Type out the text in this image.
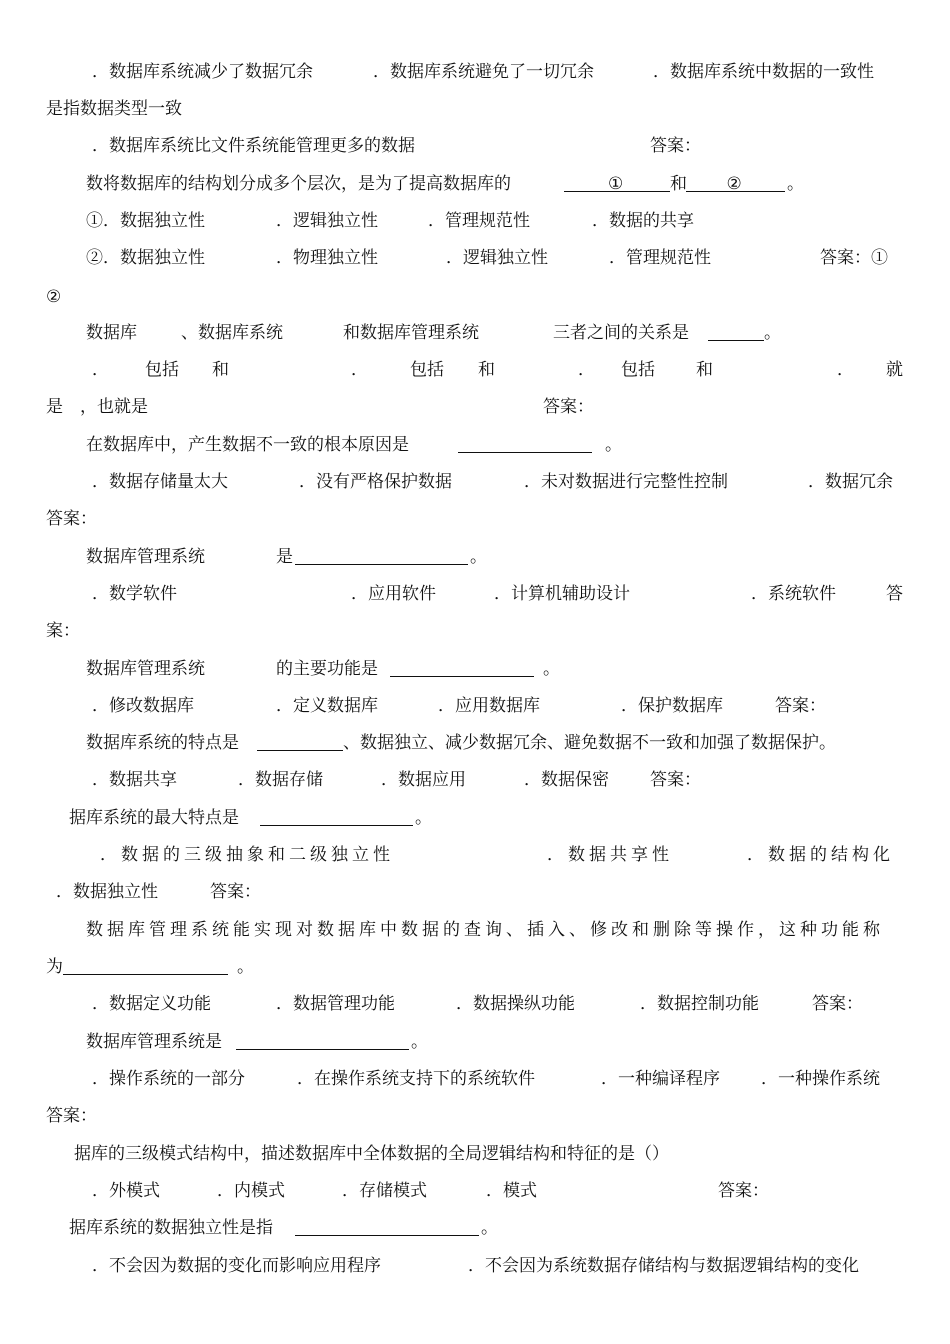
．数据库系统减少了数据冗余	．数据库系统避免了一切冗余	．数据库系统中数据的一致性
是指数据类型一致
．数据库系统比文件系统能管理更多的数据	答案：
数将数据库的结构划分成多个层次，是为了提高数据库的	和	。
①	②
①．数据独立性	．逻辑独立性	．管理规范性	．数据的共享
②．数据独立性	．物理独立性	．逻辑独立性	．管理规范性	答案：①
②
数据库	、数据库系统	和数据库管理系统	三者之间的关系是	。
． 包括 和	． 包括 和	． 包括 和	． 就
是 ，也就是	答案：
在数据库中，产生数据不一致的根本原因是	。
．数据存储量太大	．没有严格保护数据	．未对数据进行完整性控制	．数据冗余
答案：
数据库管理系统	是	。
．数学软件	．应用软件	．计算机辅助设计	．系统软件	答
案：
数据库管理系统	的主要功能是	。
．修改数据库	．定义数据库	．应用数据库	．保护数据库	答案：
数据库系统的特点是	、数据独立、减少数据冗余、避免数据不一致和加强了数据保护。
．数据共享	．数据存储	．数据应用	．数据保密 答案：
据库系统的最大特点是	。
．数据的三级抽象和二级独立性	．数据共享性	．数据的结构化
．数据独立性	答案：
数据库管理系统能实现对数据库中数据的查询、插入、修改和删除等操作，这种功能称
为	。
．数据定义功能	．数据管理功能	．数据操纵功能	．数据控制功能	答案：
数据库管理系统是	。
．操作系统的一部分	．在操作系统支持下的系统软件	．一种编译程序 ．一种操作系统
答案：
据库的三级模式结构中，描述数据库中全体数据的全局逻辑结构和特征的是（）
．外模式	．内模式	．存储模式	．模式	答案：
据库系统的数据独立性是指	。
．不会因为数据的变化而影响应用程序	．不会因为系统数据存储结构与数据逻辑结构的变化
